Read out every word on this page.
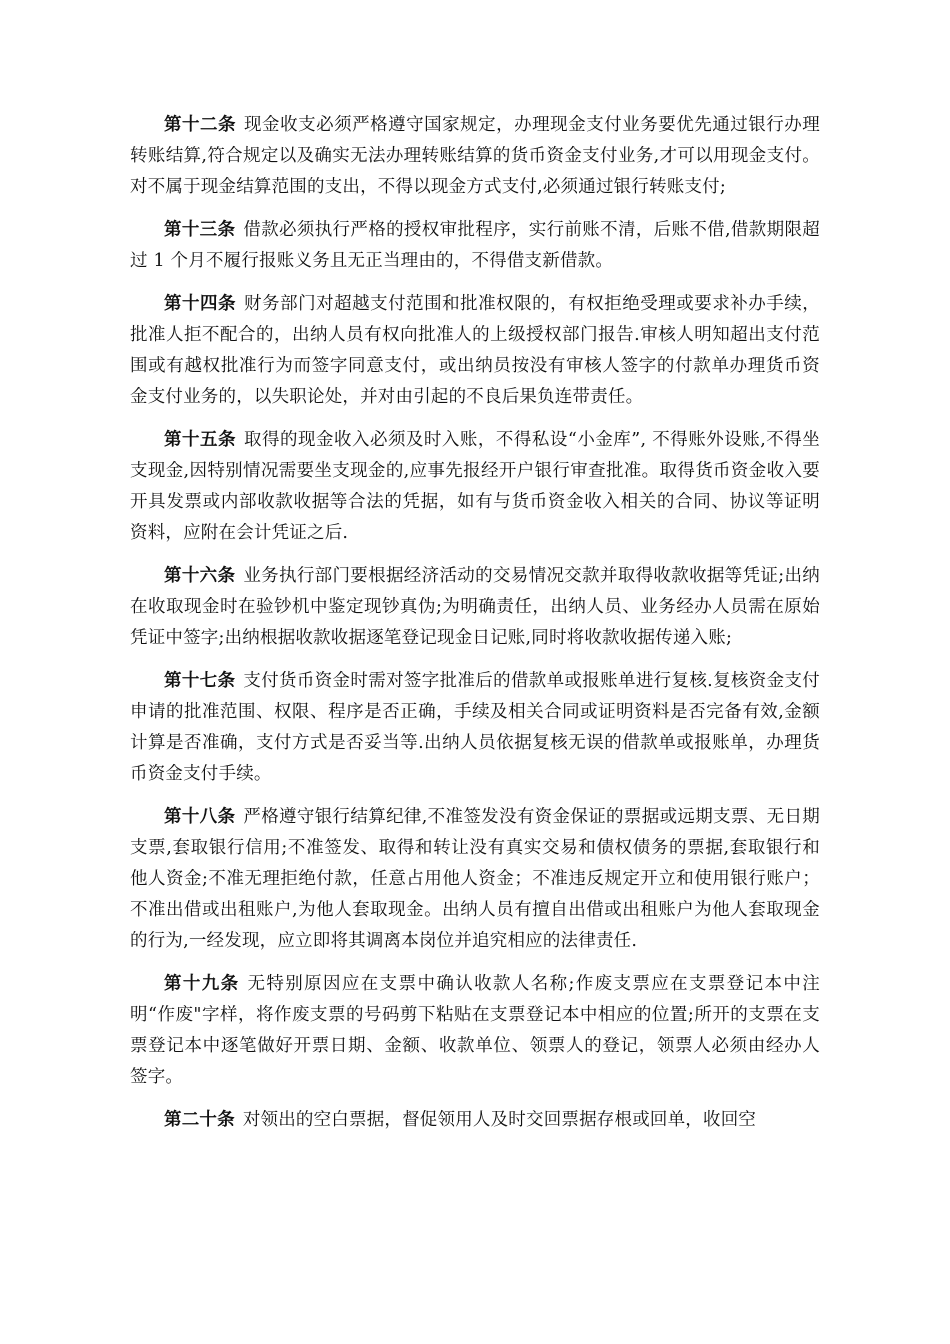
第十二条 现金收支必须严格遵守国家规定，办理现金支付业务要优先通过银行办理转账结算,符合规定以及确实无法办理转账结算的货币资金支付业务,才可以用现金支付。对不属于现金结算范围的支出，不得以现金方式支付,必须通过银行转账支付;

第十三条 借款必须执行严格的授权审批程序，实行前账不清，后账不借,借款期限超过 1 个月不履行报账义务且无正当理由的，不得借支新借款。

第十四条 财务部门对超越支付范围和批准权限的，有权拒绝受理或要求补办手续，批准人拒不配合的，出纳人员有权向批准人的上级授权部门报告.审核人明知超出支付范围或有越权批准行为而签字同意支付，或出纳员按没有审核人签字的付款单办理货币资金支付业务的，以失职论处，并对由引起的不良后果负连带责任。

第十五条 取得的现金收入必须及时入账，不得私设“小金库”, 不得账外设账,不得坐支现金,因特别情况需要坐支现金的,应事先报经开户银行审查批准。取得货币资金收入要开具发票或内部收款收据等合法的凭据，如有与货币资金收入相关的合同、协议等证明资料，应附在会计凭证之后.

第十六条 业务执行部门要根据经济活动的交易情况交款并取得收款收据等凭证;出纳在收取现金时在验钞机中鉴定现钞真伪;为明确责任，出纳人员、业务经办人员需在原始凭证中签字;出纳根据收款收据逐笔登记现金日记账,同时将收款收据传递入账;

第十七条 支付货币资金时需对签字批准后的借款单或报账单进行复核.复核资金支付申请的批准范围、权限、程序是否正确，手续及相关合同或证明资料是否完备有效,金额计算是否准确，支付方式是否妥当等.出纳人员依据复核无误的借款单或报账单，办理货币资金支付手续。

第十八条 严格遵守银行结算纪律,不准签发没有资金保证的票据或远期支票、无日期支票,套取银行信用;不准签发、取得和转让没有真实交易和债权债务的票据,套取银行和他人资金;不准无理拒绝付款，任意占用他人资金；不准违反规定开立和使用银行账户；不准出借或出租账户,为他人套取现金。出纳人员有擅自出借或出租账户为他人套取现金的行为,一经发现，应立即将其调离本岗位并追究相应的法律责任.

第十九条 无特别原因应在支票中确认收款人名称;作废支票应在支票登记本中注明“作废"字样，将作废支票的号码剪下粘贴在支票登记本中相应的位置;所开的支票在支票登记本中逐笔做好开票日期、金额、收款单位、领票人的登记，领票人必须由经办人签字。

第二十条 对领出的空白票据，督促领用人及时交回票据存根或回单，收回空
